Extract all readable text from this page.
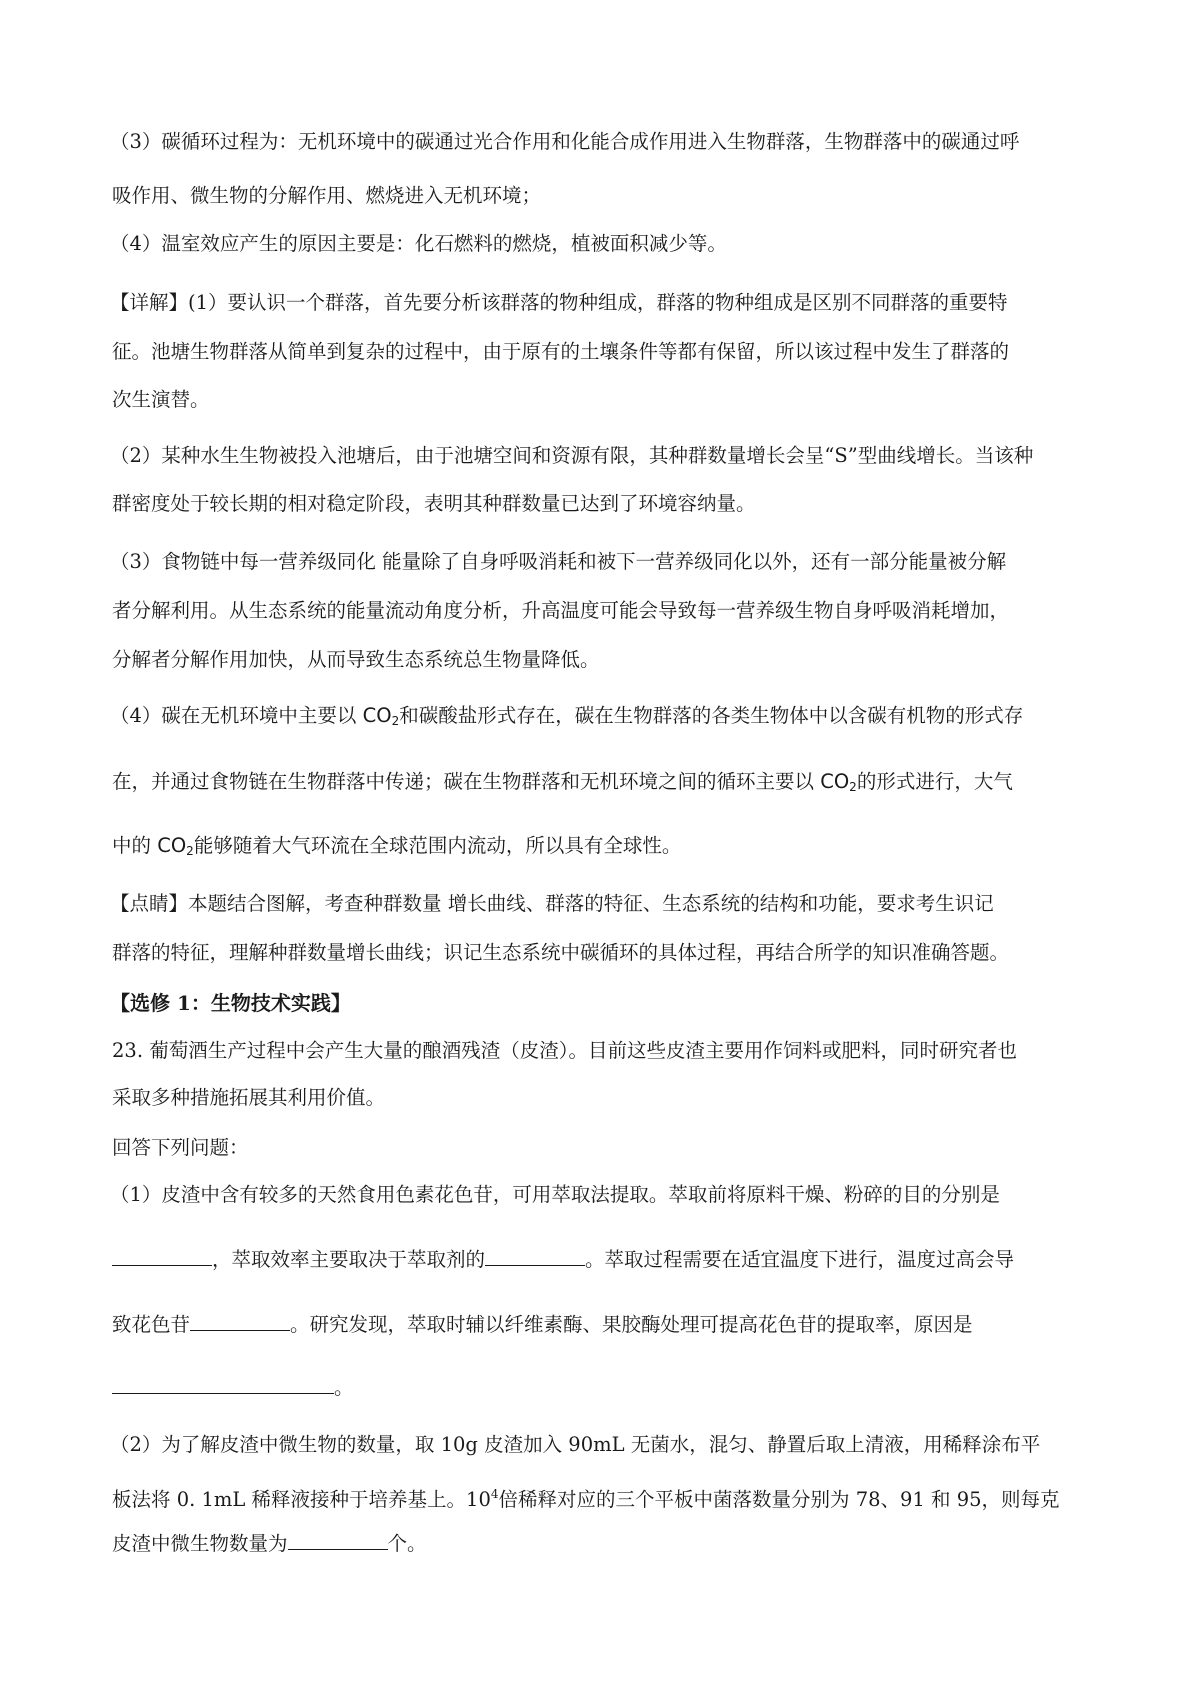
（3）碳循环过程为：无机环境中的碳通过光合作用和化能合成作用进入生物群落，生物群落中的碳通过呼
吸作用、微生物的分解作用、燃烧进入无机环境；
（4）温室效应产生的原因主要是：化石燃料的燃烧，植被面积减少等。
【详解】(1）要认识一个群落，首先要分析该群落的物种组成，群落的物种组成是区别不同群落的重要特
征。池塘生物群落从简单到复杂的过程中，由于原有的土壤条件等都有保留，所以该过程中发生了群落的
次生演替。
（2）某种水生生物被投入池塘后，由于池塘空间和资源有限，其种群数量增长会呈“S”型曲线增长。当该种
群密度处于较长期的相对稳定阶段，表明其种群数量已达到了环境容纳量。
（3）食物链中每一营养级同化 能量除了自身呼吸消耗和被下一营养级同化以外，还有一部分能量被分解
者分解利用。从生态系统的能量流动角度分析，升高温度可能会导致每一营养级生物自身呼吸消耗增加，
分解者分解作用加快，从而导致生态系统总生物量降低。
（4）碳在无机环境中主要以 $CO_2$和碳酸盐形式存在，碳在生物群落的各类生物体中以含碳有机物的形式存
在，并通过食物链在生物群落中传递；碳在生物群落和无机环境之间的循环主要以 $CO_2$的形式进行，大气
中的 $CO_2$能够随着大气环流在全球范围内流动，所以具有全球性。
【点睛】本题结合图解，考查种群数量 增长曲线、群落的特征、生态系统的结构和功能，要求考生识记
群落的特征，理解种群数量增长曲线；识记生态系统中碳循环的具体过程，再结合所学的知识准确答题。
【选修 1：生物技术实践】
23. 葡萄酒生产过程中会产生大量的酿酒残渣（皮渣）。目前这些皮渣主要用作饲料或肥料，同时研究者也
采取多种措施拓展其利用价值。
回答下列问题：
（1）皮渣中含有较多的天然食用色素花色苷，可用萃取法提取。萃取前将原料干燥、粉碎的目的分别是
，萃取效率主要取决于萃取剂的	。萃取过程需要在适宜温度下进行，温度过高会导
致花色苷	。研究发现，萃取时辅以纤维素酶、果胶酶处理可提高花色苷的提取率，原因是
。
（2）为了解皮渣中微生物的数量，取 10g 皮渣加入 90mL 无菌水，混匀、静置后取上清液，用稀释涂布平
板法将 0. 1mL 稀释液接种于培养基上。$10^4$倍稀释对应的三个平板中菌落数量分别为 78、91 和 95，则每克
皮渣中微生物数量为	个。
